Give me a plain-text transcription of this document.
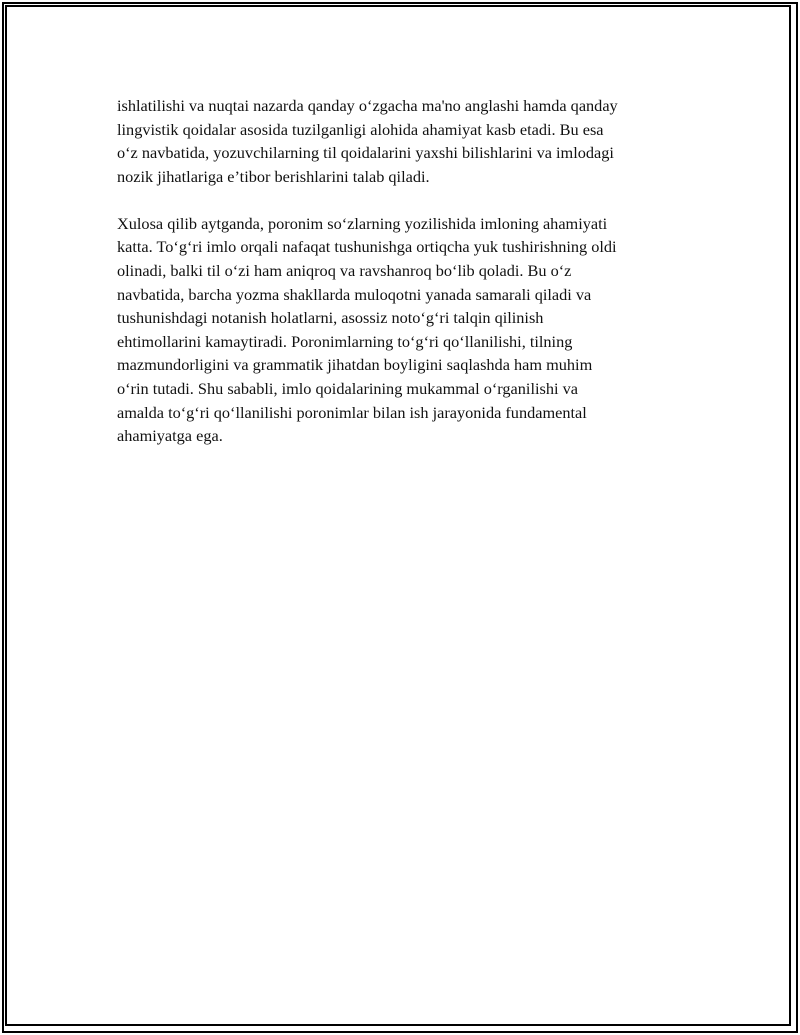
ishlatilishi va nuqtai nazarda qanday o‘zgacha ma'no anglashi hamda qanday
lingvistik qoidalar asosida tuzilganligi alohida ahamiyat kasb etadi. Bu esa
o‘z navbatida, yozuvchilarning til qoidalarini yaxshi bilishlarini va imlodagi
nozik jihatlariga e’tibor berishlarini talab qiladi.

Xulosa qilib aytganda, poronim so‘zlarning yozilishida imloning ahamiyati
katta. To‘g‘ri imlo orqali nafaqat tushunishga ortiqcha yuk tushirishning oldi
olinadi, balki til o‘zi ham aniqroq va ravshanroq bo‘lib qoladi. Bu o‘z
navbatida, barcha yozma shakllarda muloqotni yanada samarali qiladi va
tushunishdagi notanish holatlarni, asossiz noto‘g‘ri talqin qilinish
ehtimollarini kamaytiradi. Poronimlarning to‘g‘ri qo‘llanilishi, tilning
mazmundorligini va grammatik jihatdan boyligini saqlashda ham muhim
o‘rin tutadi. Shu sababli, imlo qoidalarining mukammal o‘rganilishi va
amalda to‘g‘ri qo‘llanilishi poronimlar bilan ish jarayonida fundamental
ahamiyatga ega.
